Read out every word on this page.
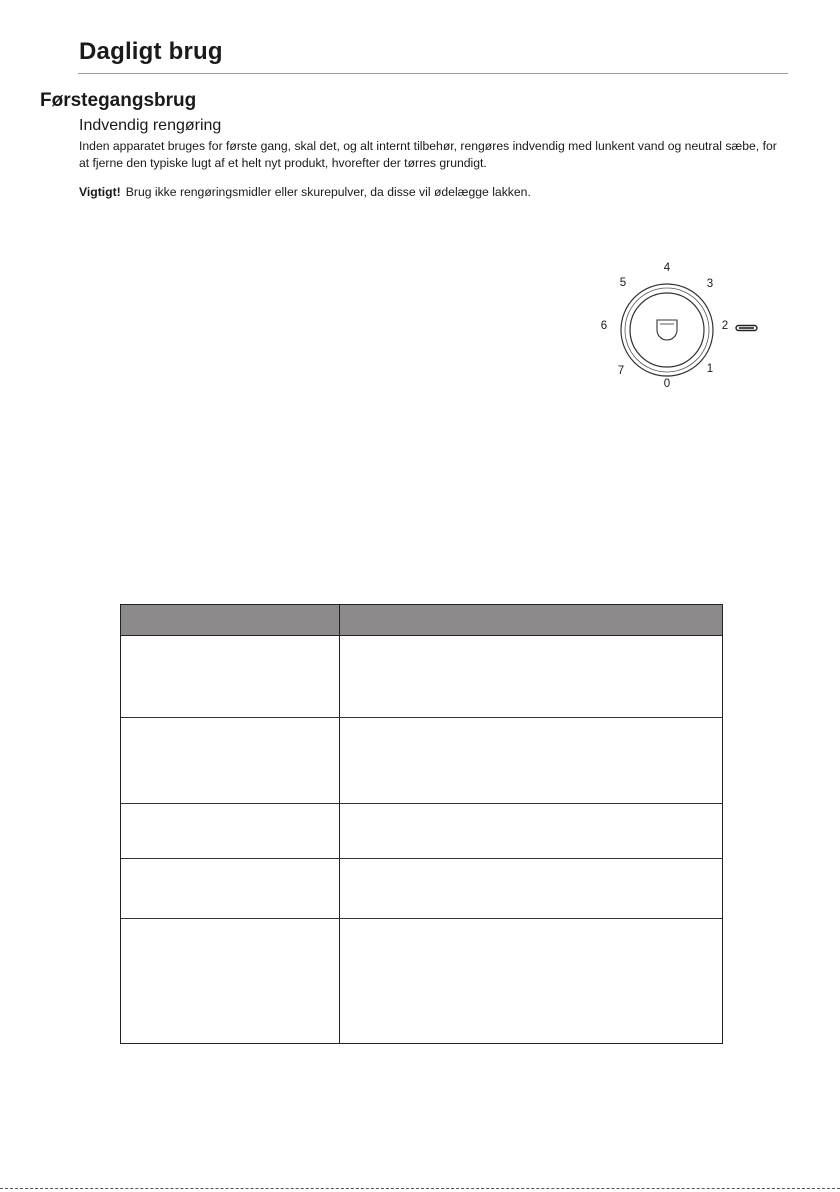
Dagligt brug
Førstegangsbrug
Indvendig rengøring
Inden apparatet bruges for første gang, skal det, og alt internt tilbehør, rengøres indvendig med lunkent vand og neutral sæbe, for at fjerne den typiske lugt af et helt nyt produkt, hvorefter der tørres grundigt.
Vigtigt! Brug ikke rengøringsmidler eller skurepulver, da disse vil ødelægge lakken.
4
3
5
6	2
7
0
1
